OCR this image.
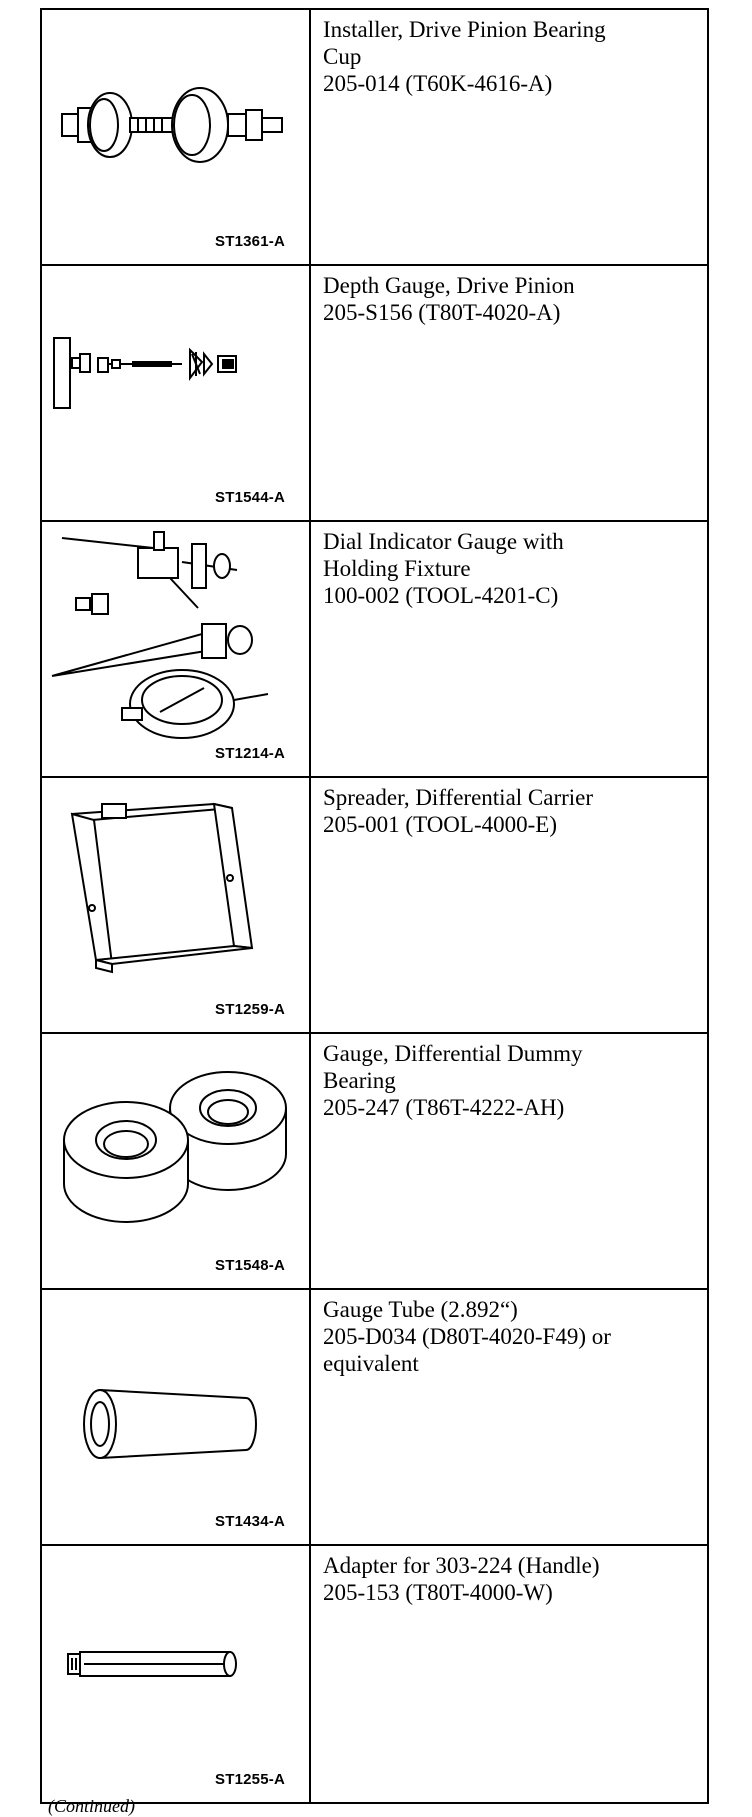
ST1361-A	Installer, Drive Pinion Bearing
Cup
205-014 (T60K-4616-A)

ST1544-A	Depth Gauge, Drive Pinion
205-S156 (T80T-4020-A)

ST1214-A	Dial Indicator Gauge with
Holding Fixture
100-002 (TOOL-4201-C)

ST1259-A	Spreader, Differential Carrier
205-001 (TOOL-4000-E)

ST1548-A	Gauge, Differential Dummy
Bearing
205-247 (T86T-4222-AH)

ST1434-A	Gauge Tube (2.892“)
205-D034 (D80T-4020-F49) or
equivalent

ST1255-A	Adapter for 303-224 (Handle)
205-153 (T80T-4000-W)
(Continued)
